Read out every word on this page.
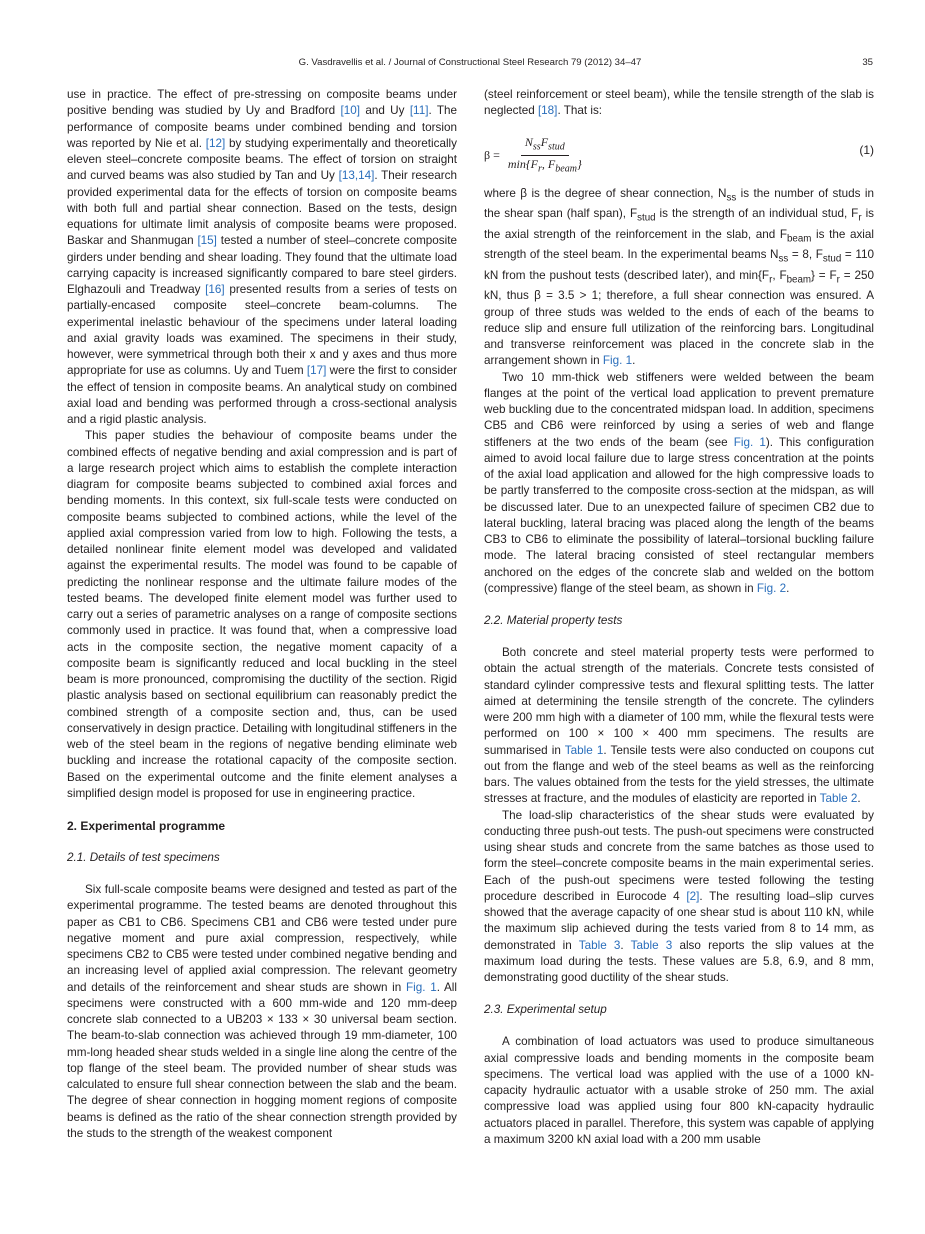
G. Vasdravellis et al. / Journal of Constructional Steel Research 79 (2012) 34–47	35

use in practice. The effect of pre-stressing on composite beams under positive bending was studied by Uy and Bradford [10] and Uy [11]. The performance of composite beams under combined bending and torsion was reported by Nie et al. [12] by studying experimentally and theoretically eleven steel–concrete composite beams. The effect of torsion on straight and curved beams was also studied by Tan and Uy [13,14]. Their research provided experimental data for the effects of torsion on composite beams with both full and partial shear connection. Based on the tests, design equations for ultimate limit analysis of composite beams were proposed. Baskar and Shanmugan [15] tested a number of steel–concrete composite girders under bending and shear loading. They found that the ultimate load carrying capacity is increased significantly compared to bare steel girders. Elghazouli and Treadway [16] presented results from a series of tests on partially-encased composite steel–concrete beam-columns. The experimental inelastic behaviour of the specimens under lateral loading and axial gravity loads was examined. The specimens in their study, however, were symmetrical through both their x and y axes and thus more appropriate for use as columns. Uy and Tuem [17] were the first to consider the effect of tension in composite beams. An analytical study on combined axial load and bending was performed through a cross-sectional analysis and a rigid plastic analysis.

This paper studies the behaviour of composite beams under the combined effects of negative bending and axial compression and is part of a large research project which aims to establish the complete interaction diagram for composite beams subjected to combined axial forces and bending moments. In this context, six full-scale tests were conducted on composite beams subjected to combined actions, while the level of the applied axial compression varied from low to high. Following the tests, a detailed nonlinear finite element model was developed and validated against the experimental results. The model was found to be capable of predicting the nonlinear response and the ultimate failure modes of the tested beams. The developed finite element model was further used to carry out a series of parametric analyses on a range of composite sections commonly used in practice. It was found that, when a compressive load acts in the composite section, the negative moment capacity of a composite beam is significantly reduced and local buckling in the steel beam is more pronounced, compromising the ductility of the section. Rigid plastic analysis based on sectional equilibrium can reasonably predict the combined strength of a composite section and, thus, can be used conservatively in design practice. Detailing with longitudinal stiffeners in the web of the steel beam in the regions of negative bending eliminate web buckling and increase the rotational capacity of the composite section. Based on the experimental outcome and the finite element analyses a simplified design model is proposed for use in engineering practice.

2. Experimental programme
2.1. Details of test specimens

Six full-scale composite beams were designed and tested as part of the experimental programme. The tested beams are denoted throughout this paper as CB1 to CB6. Specimens CB1 and CB6 were tested under pure negative moment and pure axial compression, respectively, while specimens CB2 to CB5 were tested under combined negative bending and an increasing level of applied axial compression. The relevant geometry and details of the reinforcement and shear studs are shown in Fig. 1. All specimens were constructed with a 600 mm-wide and 120 mm-deep concrete slab connected to a UB203 × 133 × 30 universal beam section. The beam-to-slab connection was achieved through 19 mm-diameter, 100 mm-long headed shear studs welded in a single line along the centre of the top flange of the steel beam. The provided number of shear studs was calculated to ensure full shear connection between the slab and the beam. The degree of shear connection in hogging moment regions of composite beams is defined as the ratio of the shear connection strength provided by the studs to the strength of the weakest component

(steel reinforcement or steel beam), while the tensile strength of the slab is neglected [18]. That is:

$\beta = \frac{N_{ss}F_{stud}}{\min\{F_r, F_{beam}\}}$	(1)

where β is the degree of shear connection, $N_{ss}$ is the number of studs in the shear span (half span), $F_{stud}$ is the strength of an individual stud, $F_r$ is the axial strength of the reinforcement in the slab, and $F_{beam}$ is the axial strength of the steel beam. In the experimental beams $N_{ss} = 8$, $F_{stud} = 110$ kN from the pushout tests (described later), and $\min\{F_r$, $F_{beam}\} = F_r = 250$ kN, thus β = 3.5 > 1; therefore, a full shear connection was ensured. A group of three studs was welded to the ends of each of the beams to reduce slip and ensure full utilization of the reinforcing bars. Longitudinal and transverse reinforcement was placed in the concrete slab in the arrangement shown in Fig. 1.

Two 10 mm-thick web stiffeners were welded between the beam flanges at the point of the vertical load application to prevent premature web buckling due to the concentrated midspan load. In addition, specimens CB5 and CB6 were reinforced by using a series of web and flange stiffeners at the two ends of the beam (see Fig. 1). This configuration aimed to avoid local failure due to large stress concentration at the points of the axial load application and allowed for the high compressive loads to be partly transferred to the composite cross-section at the midspan, as will be discussed later. Due to an unexpected failure of specimen CB2 due to lateral buckling, lateral bracing was placed along the length of the beams CB3 to CB6 to eliminate the possibility of lateral–torsional buckling failure mode. The lateral bracing consisted of steel rectangular members anchored on the edges of the concrete slab and welded on the bottom (compressive) flange of the steel beam, as shown in Fig. 2.

2.2. Material property tests

Both concrete and steel material property tests were performed to obtain the actual strength of the materials. Concrete tests consisted of standard cylinder compressive tests and flexural splitting tests. The latter aimed at determining the tensile strength of the concrete. The cylinders were 200 mm high with a diameter of 100 mm, while the flexural tests were performed on 100 × 100 × 400 mm specimens. The results are summarised in Table 1. Tensile tests were also conducted on coupons cut out from the flange and web of the steel beams as well as the reinforcing bars. The values obtained from the tests for the yield stresses, the ultimate stresses at fracture, and the modules of elasticity are reported in Table 2.

The load-slip characteristics of the shear studs were evaluated by conducting three push-out tests. The push-out specimens were constructed using shear studs and concrete from the same batches as those used to form the steel–concrete composite beams in the main experimental series. Each of the push-out specimens were tested following the testing procedure described in Eurocode 4 [2]. The resulting load–slip curves showed that the average capacity of one shear stud is about 110 kN, while the maximum slip achieved during the tests varied from 8 to 14 mm, as demonstrated in Table 3. Table 3 also reports the slip values at the maximum load during the tests. These values are 5.8, 6.9, and 8 mm, demonstrating good ductility of the shear studs.

2.3. Experimental setup

A combination of load actuators was used to produce simultaneous axial compressive loads and bending moments in the composite beam specimens. The vertical load was applied with the use of a 1000 kN-capacity hydraulic actuator with a usable stroke of 250 mm. The axial compressive load was applied using four 800 kN-capacity hydraulic actuators placed in parallel. Therefore, this system was capable of applying a maximum 3200 kN axial load with a 200 mm usable
